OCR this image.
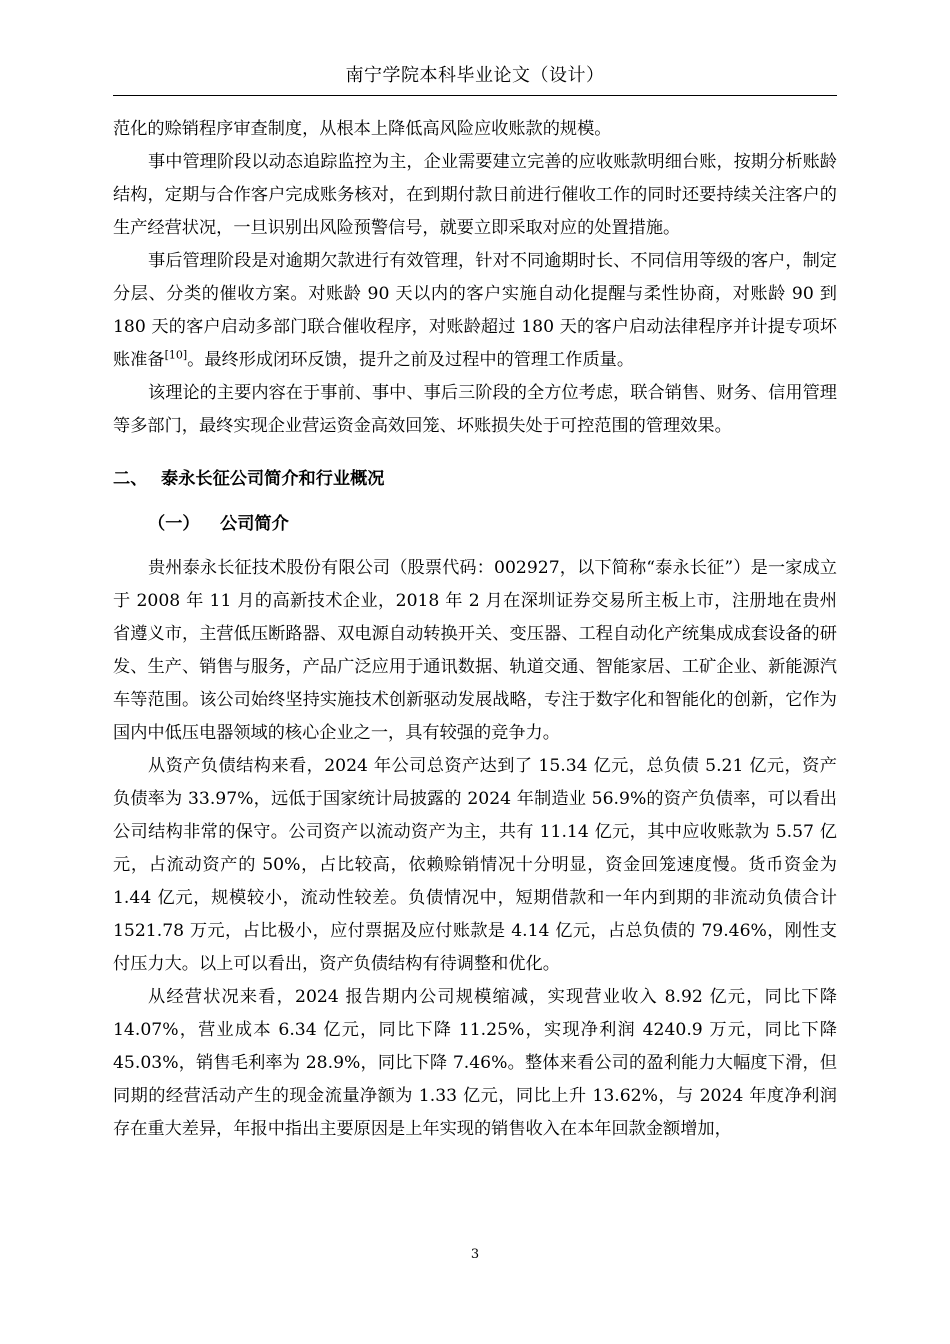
南宁学院本科毕业论文（设计）

范化的赊销程序审查制度，从根本上降低高风险应收账款的规模。

事中管理阶段以动态追踪监控为主，企业需要建立完善的应收账款明细台账，按期分析账龄结构，定期与合作客户完成账务核对，在到期付款日前进行催收工作的同时还要持续关注客户的生产经营状况，一旦识别出风险预警信号，就要立即采取对应的处置措施。

事后管理阶段是对逾期欠款进行有效管理，针对不同逾期时长、不同信用等级的客户，制定分层、分类的催收方案。对账龄 90 天以内的客户实施自动化提醒与柔性协商，对账龄 90 到 180 天的客户启动多部门联合催收程序，对账龄超过 180 天的客户启动法律程序并计提专项坏账准备[10]。最终形成闭环反馈，提升之前及过程中的管理工作质量。

该理论的主要内容在于事前、事中、事后三阶段的全方位考虑，联合销售、财务、信用管理等多部门，最终实现企业营运资金高效回笼、坏账损失处于可控范围的管理效果。

二、 泰永长征公司简介和行业概况
（一） 公司简介

贵州泰永长征技术股份有限公司（股票代码：002927，以下简称“泰永长征”）是一家成立于 2008 年 11 月的高新技术企业，2018 年 2 月在深圳证券交易所主板上市，注册地在贵州省遵义市，主营低压断路器、双电源自动转换开关、变压器、工程自动化产统集成成套设备的研发、生产、销售与服务，产品广泛应用于通讯数据、轨道交通、智能家居、工矿企业、新能源汽车等范围。该公司始终坚持实施技术创新驱动发展战略，专注于数字化和智能化的创新，它作为国内中低压电器领域的核心企业之一，具有较强的竞争力。

从资产负债结构来看，2024 年公司总资产达到了 15.34 亿元，总负债 5.21 亿元，资产负债率为 33.97%，远低于国家统计局披露的 2024 年制造业 56.9%的资产负债率，可以看出公司结构非常的保守。公司资产以流动资产为主，共有 11.14 亿元，其中应收账款为 5.57 亿元，占流动资产的 50%，占比较高，依赖赊销情况十分明显，资金回笼速度慢。货币资金为 1.44 亿元，规模较小，流动性较差。负债情况中，短期借款和一年内到期的非流动负债合计 1521.78 万元，占比极小，应付票据及应付账款是 4.14 亿元，占总负债的 79.46%，刚性支付压力大。以上可以看出，资产负债结构有待调整和优化。

从经营状况来看，2024 报告期内公司规模缩减，实现营业收入 8.92 亿元，同比下降 14.07%，营业成本 6.34 亿元，同比下降 11.25%，实现净利润 4240.9 万元，同比下降 45.03%，销售毛利率为 28.9%，同比下降 7.46%。整体来看公司的盈利能力大幅度下滑，但同期的经营活动产生的现金流量净额为 1.33 亿元，同比上升 13.62%，与 2024 年度净利润存在重大差异，年报中指出主要原因是上年实现的销售收入在本年回款金额增加，

3
